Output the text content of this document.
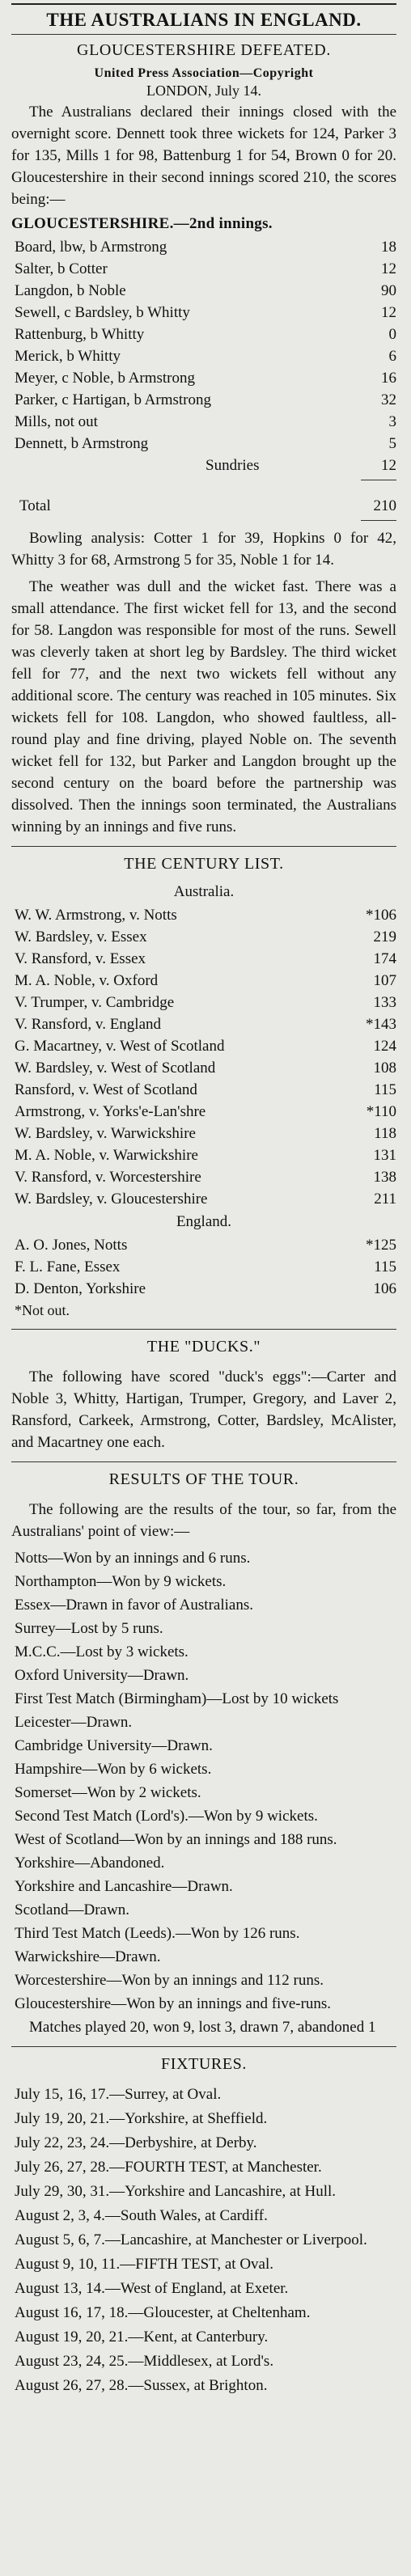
THE AUSTRALIANS IN ENGLAND.
GLOUCESTERSHIRE DEFEATED.
United Press Association—Copyright
LONDON, July 14.

The Australians declared their innings closed with the overnight score. Dennett took three wickets for 124, Parker 3 for 135, Mills 1 for 98, Battenburg 1 for 54, Brown 0 for 20. Gloucestershire in their second innings scored 210, the scores being:—

GLOUCESTERSHIRE.—2nd innings.
Board, lbw, b Armstrong	18
Salter, b Cotter	12
Langdon, b Noble	90
Sewell, c Bardsley, b Whitty	12
Rattenburg, b Whitty	0
Merick, b Whitty	6
Meyer, c Noble, b Armstrong	16
Parker, c Hartigan, b Armstrong	32
Mills, not out	3
Dennett, b Armstrong	5
Sundries	12
Total	210

Bowling analysis: Cotter 1 for 39, Hopkins 0 for 42, Whitty 3 for 68, Armstrong 5 for 35, Noble 1 for 14.

The weather was dull and the wicket fast. There was a small attendance. The first wicket fell for 13, and the second for 58. Langdon was responsible for most of the runs. Sewell was cleverly taken at short leg by Bardsley. The third wicket fell for 77, and the next two wickets fell without any additional score. The century was reached in 105 minutes. Six wickets fell for 108. Langdon, who showed faultless, all-round play and fine driving, played Noble on. The seventh wicket fell for 132, but Parker and Langdon brought up the second century on the board before the partnership was dissolved. Then the innings soon terminated, the Australians winning by an innings and five runs.

THE CENTURY LIST.
Australia.
W. W. Armstrong, v. Notts	*106
W. Bardsley, v. Essex	219
V. Ransford, v. Essex	174
M. A. Noble, v. Oxford	107
V. Trumper, v. Cambridge	133
V. Ransford, v. England	*143
G. Macartney, v. West of Scotland	124
W. Bardsley, v. West of Scotland	108
Ransford, v. West of Scotland	115
Armstrong, v. Yorks'e-Lan'shre	*110
W. Bardsley, v. Warwickshire	118
M. A. Noble, v. Warwickshire	131
V. Ransford, v. Worcestershire	138
W. Bardsley, v. Gloucestershire	211
England.
A. O. Jones, Notts	*125
F. L. Fane, Essex	115
D. Denton, Yorkshire	106
*Not out.
THE "DUCKS."

The following have scored "duck's eggs":—Carter and Noble 3, Whitty, Hartigan, Trumper, Gregory, and Laver 2, Ransford, Carkeek, Armstrong, Cotter, Bardsley, McAlister, and Macartney one each.

RESULTS OF THE TOUR.

The following are the results of the tour, so far, from the Australians' point of view:—

Notts—Won by an innings and 6 runs.

Northampton—Won by 9 wickets.

Essex—Drawn in favor of Australians.

Surrey—Lost by 5 runs.

M.C.C.—Lost by 3 wickets.

Oxford University—Drawn.

First Test Match (Birmingham)—Lost by 10 wickets

Leicester—Drawn.

Cambridge University—Drawn.

Hampshire—Won by 6 wickets.

Somerset—Won by 2 wickets.

Second Test Match (Lord's).—Won by 9 wickets.

West of Scotland—Won by an innings and 188 runs.

Yorkshire—Abandoned.

Yorkshire and Lancashire—Drawn.

Scotland—Drawn.

Third Test Match (Leeds).—Won by 126 runs.

Warwickshire—Drawn.

Worcestershire—Won by an innings and 112 runs.

Gloucestershire—Won by an innings and five-runs.

Matches played 20, won 9, lost 3, drawn 7, abandoned 1

FIXTURES.

July 15, 16, 17.—Surrey, at Oval.

July 19, 20, 21.—Yorkshire, at Sheffield.

July 22, 23, 24.—Derbyshire, at Derby.

July 26, 27, 28.—FOURTH TEST, at Manchester.

July 29, 30, 31.—Yorkshire and Lancashire, at Hull.

August 2, 3, 4.—South Wales, at Cardiff.

August 5, 6, 7.—Lancashire, at Manchester or Liverpool.

August 9, 10, 11.—FIFTH TEST, at Oval.

August 13, 14.—West of England, at Exeter.

August 16, 17, 18.—Gloucester, at Cheltenham.

August 19, 20, 21.—Kent, at Canterbury.

August 23, 24, 25.—Middlesex, at Lord's.

August 26, 27, 28.—Sussex, at Brighton.
